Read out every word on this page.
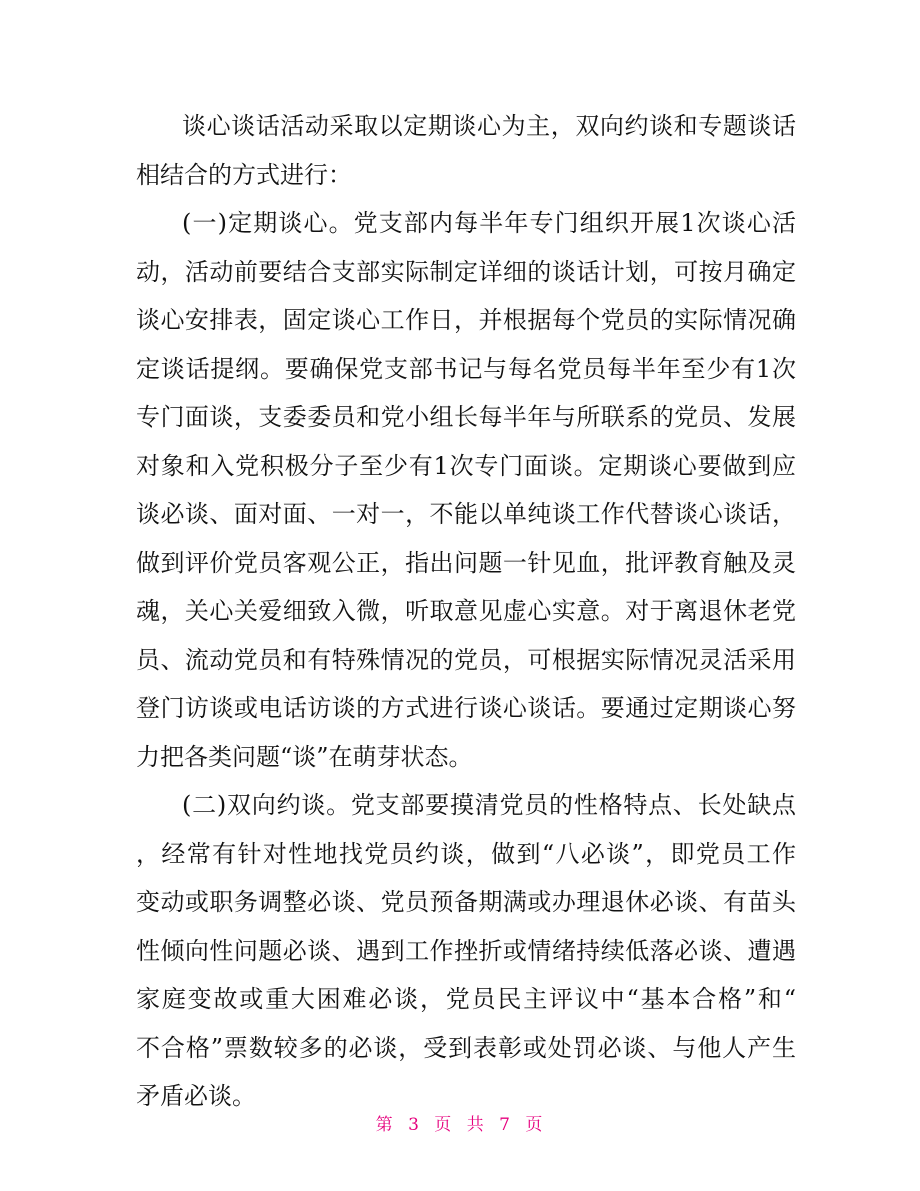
谈心谈话活动采取以定期谈心为主，双向约谈和专题谈话
相结合的方式进行：
(一)定期谈心。党支部内每半年专门组织开展1次谈心活
动，活动前要结合支部实际制定详细的谈话计划，可按月确定
谈心安排表，固定谈心工作日，并根据每个党员的实际情况确
定谈话提纲。要确保党支部书记与每名党员每半年至少有1次
专门面谈，支委委员和党小组长每半年与所联系的党员、发展
对象和入党积极分子至少有1次专门面谈。定期谈心要做到应
谈必谈、面对面、一对一，不能以单纯谈工作代替谈心谈话，
做到评价党员客观公正，指出问题一针见血，批评教育触及灵
魂，关心关爱细致入微，听取意见虚心实意。对于离退休老党
员、流动党员和有特殊情况的党员，可根据实际情况灵活采用
登门访谈或电话访谈的方式进行谈心谈话。要通过定期谈心努
力把各类问题“谈”在萌芽状态。
(二)双向约谈。党支部要摸清党员的性格特点、长处缺点
，经常有针对性地找党员约谈，做到“八必谈”，即党员工作
变动或职务调整必谈、党员预备期满或办理退休必谈、有苗头
性倾向性问题必谈、遇到工作挫折或情绪持续低落必谈、遭遇
家庭变故或重大困难必谈，党员民主评议中“基本合格”和“
不合格”票数较多的必谈，受到表彰或处罚必谈、与他人产生
矛盾必谈。
第 3 页 共 7 页
